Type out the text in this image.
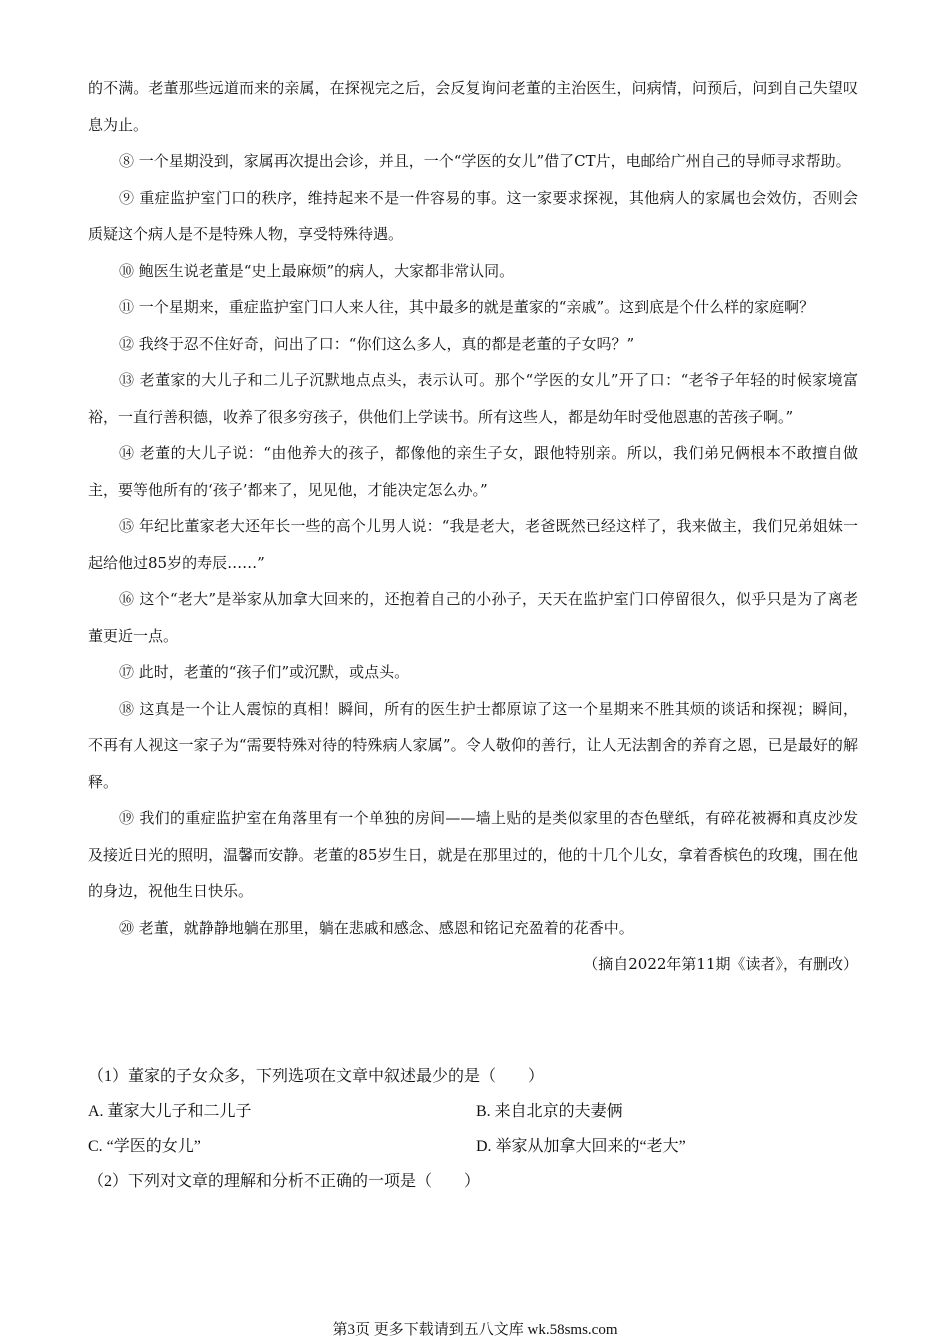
的不满。老董那些远道而来的亲属，在探视完之后，会反复询问老董的主治医生，问病情，问预后，问到自己失望叹息为止。

⑧ 一个星期没到，家属再次提出会诊，并且，一个“学医的女儿”借了CT片，电邮给广州自己的导师寻求帮助。

⑨ 重症监护室门口的秩序，维持起来不是一件容易的事。这一家要求探视，其他病人的家属也会效仿，否则会质疑这个病人是不是特殊人物，享受特殊待遇。

⑩ 鲍医生说老董是“史上最麻烦”的病人，大家都非常认同。

⑪ 一个星期来，重症监护室门口人来人往，其中最多的就是董家的“亲戚”。这到底是个什么样的家庭啊？

⑫ 我终于忍不住好奇，问出了口：“你们这么多人，真的都是老董的子女吗？”

⑬ 老董家的大儿子和二儿子沉默地点点头，表示认可。那个“学医的女儿”开了口：“老爷子年轻的时候家境富裕，一直行善积德，收养了很多穷孩子，供他们上学读书。所有这些人，都是幼年时受他恩惠的苦孩子啊。”

⑭ 老董的大儿子说：“由他养大的孩子，都像他的亲生子女，跟他特别亲。所以，我们弟兄俩根本不敢擅自做主，要等他所有的‘孩子’都来了，见见他，才能决定怎么办。”

⑮ 年纪比董家老大还年长一些的高个儿男人说：“我是老大，老爸既然已经这样了，我来做主，我们兄弟姐妹一起给他过85岁的寿辰……”

⑯ 这个“老大”是举家从加拿大回来的，还抱着自己的小孙子，天天在监护室门口停留很久，似乎只是为了离老董更近一点。

⑰ 此时，老董的“孩子们”或沉默，或点头。

⑱ 这真是一个让人震惊的真相！瞬间，所有的医生护士都原谅了这一个星期来不胜其烦的谈话和探视；瞬间，不再有人视这一家子为“需要特殊对待的特殊病人家属”。令人敬仰的善行，让人无法割舍的养育之恩，已是最好的解释。

⑲ 我们的重症监护室在角落里有一个单独的房间——墙上贴的是类似家里的杏色壁纸，有碎花被褥和真皮沙发及接近日光的照明，温馨而安静。老董的85岁生日，就是在那里过的，他的十几个儿女，拿着香槟色的玫瑰，围在他的身边，祝他生日快乐。

⑳ 老董，就静静地躺在那里，躺在悲戚和感念、感恩和铭记充盈着的花香中。

（摘自2022年第11期《读者》，有删改）

（1）董家的子女众多，下列选项在文章中叙述最少的是（　　）

A. 董家大儿子和二儿子	B. 来自北京的夫妻俩
C. “学医的女儿”	D. 举家从加拿大回来的“老大”

（2）下列对文章的理解和分析不正确的一项是（　　）

第3页 更多下载请到五八文库 wk.58sms.com
